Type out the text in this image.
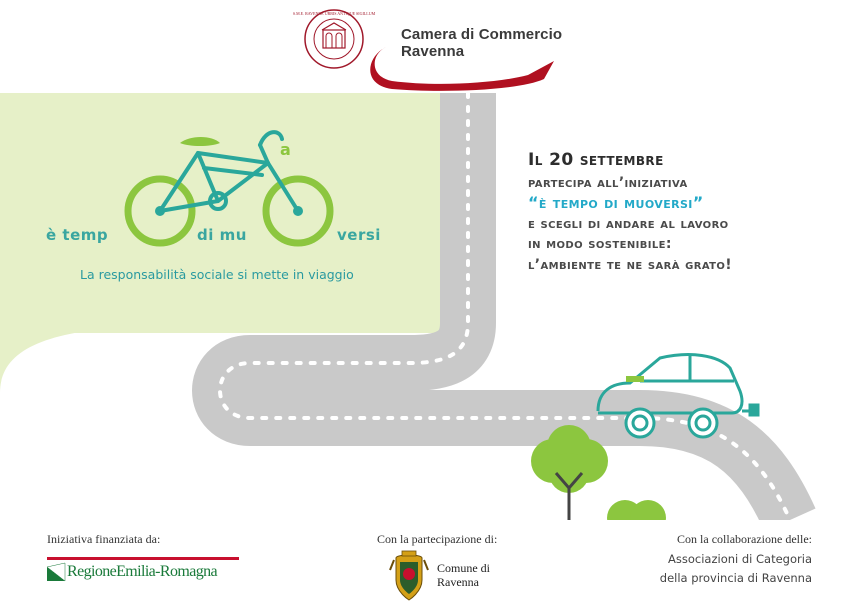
S.M.E. RAVENNE URBIS ANTIQUE SIGILLUM
Camera di Commercio
Ravenna
a
è temp	di mu	versi
La responsabilità sociale si mette in viaggio
Il 20 settembre
partecipa all’iniziativa
“è tempo di muoversi”
e scegli di andare al lavoro
in modo sostenibile:
l’ambiente te ne sarà grato!
Iniziativa finanziata da:
RegioneEmilia-Romagna
Con la partecipazione di:
Comune di
Ravenna
Con la collaborazione delle:
Associazioni di Categoria
della provincia di Ravenna
